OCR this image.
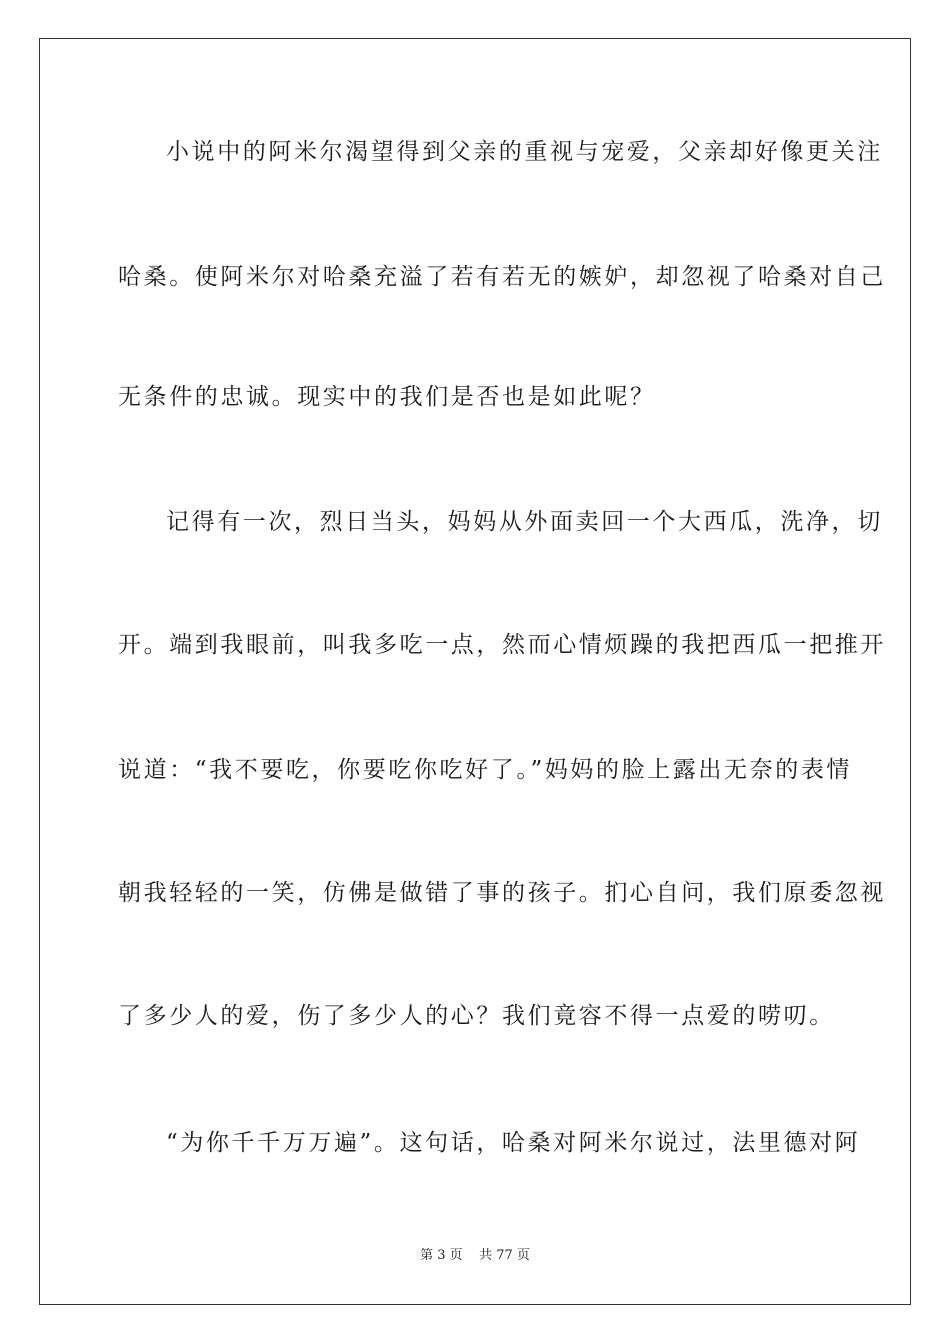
小说中的阿米尔渴望得到父亲的重视与宠爱，父亲却好像更关注
哈桑。使阿米尔对哈桑充溢了若有若无的嫉妒，却忽视了哈桑对自己
无条件的忠诚。现实中的我们是否也是如此呢？
记得有一次，烈日当头，妈妈从外面卖回一个大西瓜，洗净，切
开。端到我眼前，叫我多吃一点，然而心情烦躁的我把西瓜一把推开
说道：“我不要吃，你要吃你吃好了。”妈妈的脸上露出无奈的表情
朝我轻轻的一笑，仿佛是做错了事的孩子。扪心自问，我们原委忽视
了多少人的爱，伤了多少人的心？我们竟容不得一点爱的唠叨。
“为你千千万万遍”。这句话，哈桑对阿米尔说过，法里德对阿
第 3 页    共 77 页
